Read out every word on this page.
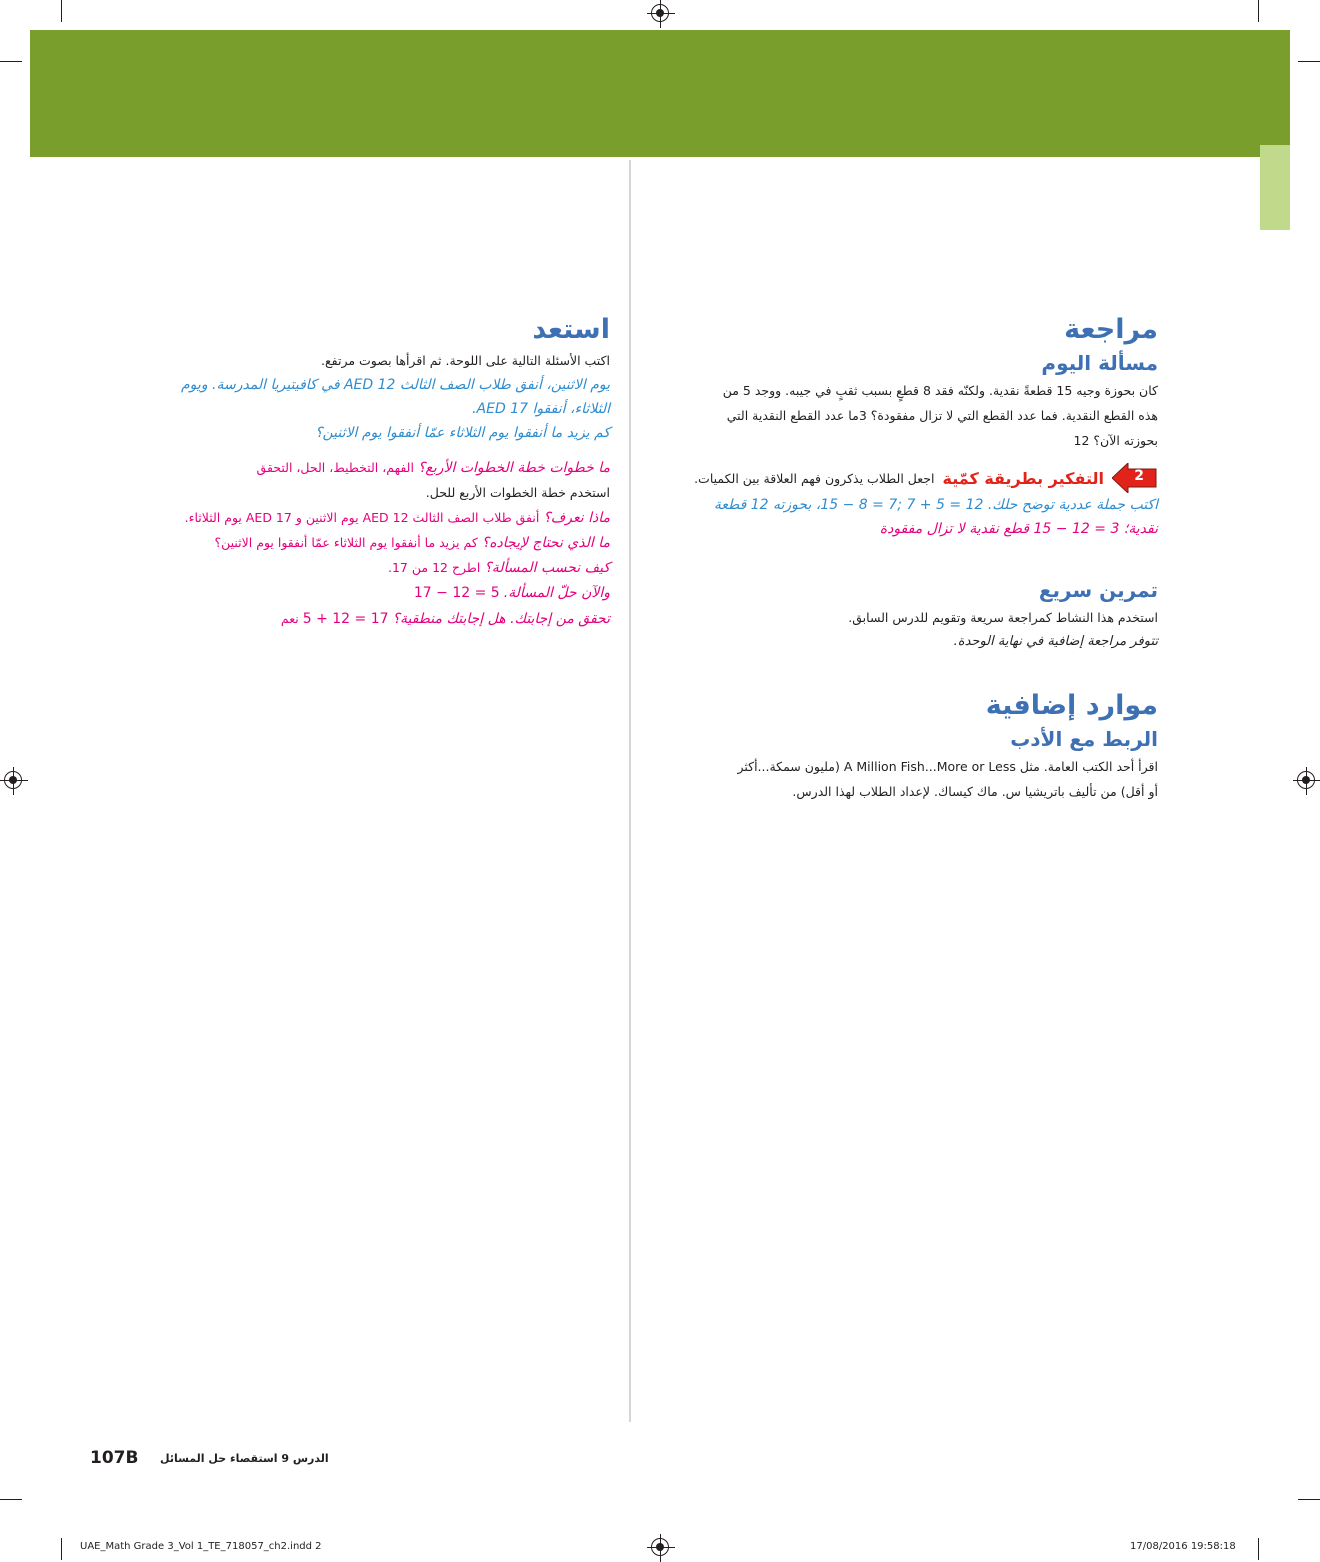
مراجعة
مسألة اليوم
كان بحوزة وجيه 15 قطعةً نقدية. ولكنّه فقد 8 قطعٍ بسبب ثقبٍ في جيبه. ووجد 5 من
هذه القطع النقدية. فما عدد القطع التي لا تزال مفقودة؟ 3ما عدد القطع النقدية التي
بحوزته الآن؟ 12
2
التفكير بطريقة كمّية
اجعل الطلاب يذكرون فهم العلاقة بين الكميات.
اكتب جملة عددية توضح حلك. 12 = 5 + 7 ;7 = 8 − 15، بحوزته 12 قطعة
نقدية؛ 3 = 12 − 15 قطع نقدية لا تزال مفقودة
تمرين سريع
استخدم هذا النشاط كمراجعة سريعة وتقويم للدرس السابق.
تتوفر مراجعة إضافية في نهاية الوحدة.
موارد إضافية
الربط مع الأدب
اقرأ أحد الكتب العامة. مثل A Million Fish...More or Less (مليون سمكة...أكثر
أو أقل) من تأليف باتريشيا س. ماك كيساك. لإعداد الطلاب لهذا الدرس.
استعد
اكتب الأسئلة التالية على اللوحة. ثم اقرأها بصوت مرتفع.
يوم الاثنين، أنفق طلاب الصف الثالث AED 12 في كافيتيريا المدرسة. ويوم
الثلاثاء، أنفقوا AED 17.
كم يزيد ما أنفقوا يوم الثلاثاء عمّا أنفقوا يوم الاثنين؟
ما خطوات خطة الخطوات الأربع؟ الفهم، التخطيط، الحل، التحقق
استخدم خطة الخطوات الأربع للحل.
ماذا نعرف؟ أنفق طلاب الصف الثالث AED 12 يوم الاثنين و AED 17 يوم الثلاثاء.
ما الذي نحتاج لإيجاده؟ كم يزيد ما أنفقوا يوم الثلاثاء عمّا أنفقوا يوم الاثنين؟
كيف نحسب المسألة؟ اطرح 12 من 17.
والآن حلّ المسألة. 5 = 12 − 17
تحقق من إجابتك. هل إجابتك منطقية؟ 17 = 12 + 5 نعم
107B الدرس 9 استقصاء حل المسائل
UAE_Math Grade 3_Vol 1_TE_718057_ch2.indd 2	17/08/2016 19:58:18
